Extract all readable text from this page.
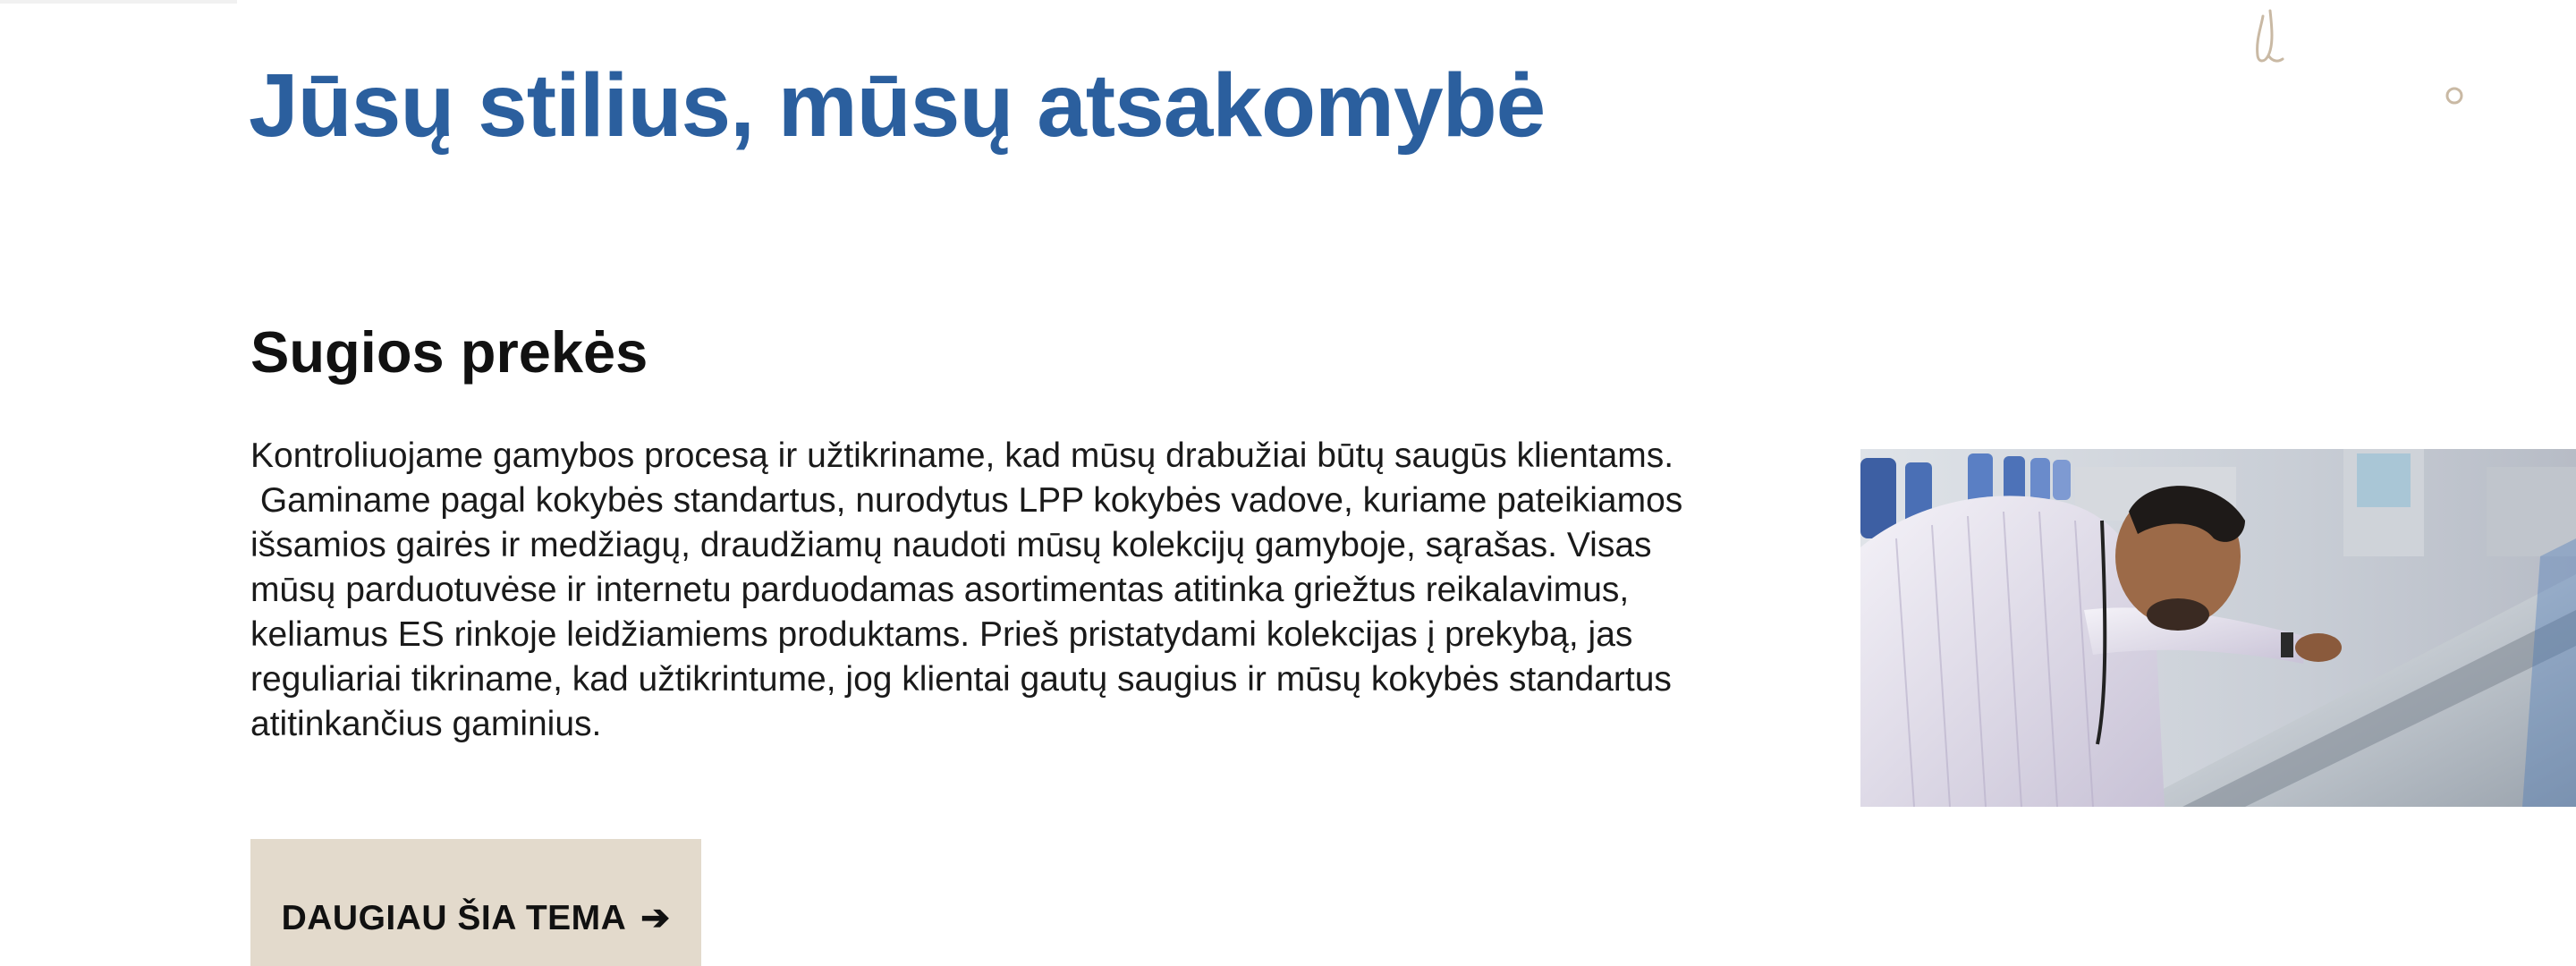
Jūsų stilius, mūsų atsakomybė
Sugios prekės

Kontroliuojame gamybos procesą ir užtikriname, kad mūsų drabužiai būtų saugūs klientams.

Gaminame pagal kokybės standartus, nurodytus LPP kokybės vadove, kuriame pateikiamos išsamios gairės ir medžiagų, draudžiamų naudoti mūsų kolekcijų gamyboje, sąrašas. Visas mūsų parduotuvėse ir internetu parduodamas asortimentas atitinka griežtus reikalavimus, keliamus ES rinkoje leidžiamiems produktams. Prieš pristatydami kolekcijas į prekybą, jas reguliariai tikriname, kad užtikrintume, jog klientai gautų saugius ir mūsų kokybės standartus atitinkančius gaminius.

DAUGIAU ŠIA TEMA ➔
